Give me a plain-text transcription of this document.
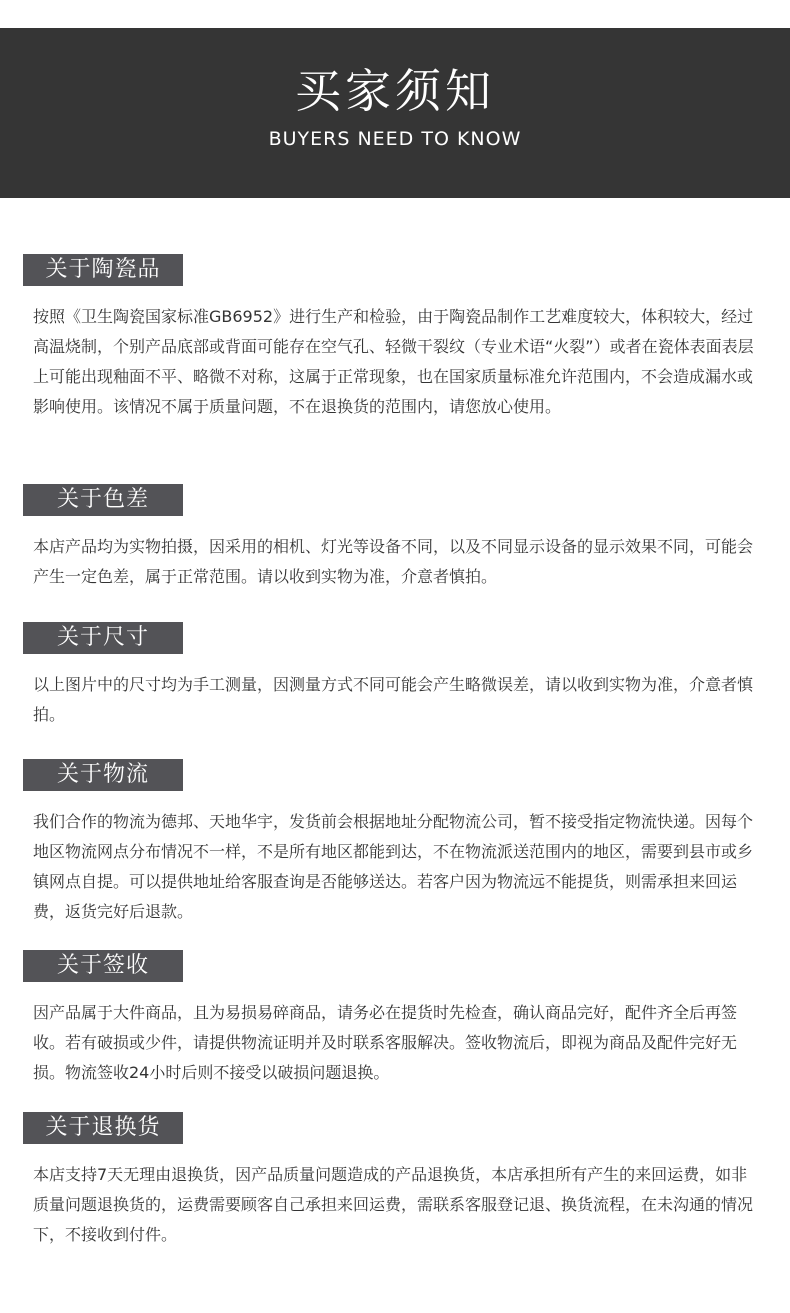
买家须知
BUYERS NEED TO KNOW
关于陶瓷品
按照《卫生陶瓷国家标准GB6952》进行生产和检验，由于陶瓷品制作工艺难度较大，体积较大，经过高温烧制，个别产品底部或背面可能存在空气孔、轻微干裂纹（专业术语“火裂”）或者在瓷体表面表层上可能出现釉面不平、略微不对称，这属于正常现象，也在国家质量标准允许范围内，不会造成漏水或影响使用。该情况不属于质量问题，不在退换货的范围内，请您放心使用。
关于色差
本店产品均为实物拍摄，因采用的相机、灯光等设备不同，以及不同显示设备的显示效果不同，可能会产生一定色差，属于正常范围。请以收到实物为准，介意者慎拍。
关于尺寸
以上图片中的尺寸均为手工测量，因测量方式不同可能会产生略微误差，请以收到实物为准，介意者慎拍。
关于物流
我们合作的物流为德邦、天地华宇，发货前会根据地址分配物流公司，暂不接受指定物流快递。因每个地区物流网点分布情况不一样，不是所有地区都能到达，不在物流派送范围内的地区，需要到县市或乡镇网点自提。可以提供地址给客服查询是否能够送达。若客户因为物流远不能提货，则需承担来回运费，返货完好后退款。
关于签收
因产品属于大件商品，且为易损易碎商品，请务必在提货时先检查，确认商品完好，配件齐全后再签收。若有破损或少件，请提供物流证明并及时联系客服解决。签收物流后，即视为商品及配件完好无损。物流签收24小时后则不接受以破损问题退换。
关于退换货
本店支持7天无理由退换货，因产品质量问题造成的产品退换货，本店承担所有产生的来回运费，如非质量问题退换货的，运费需要顾客自己承担来回运费，需联系客服登记退、换货流程，在未沟通的情况下，不接收到付件。
